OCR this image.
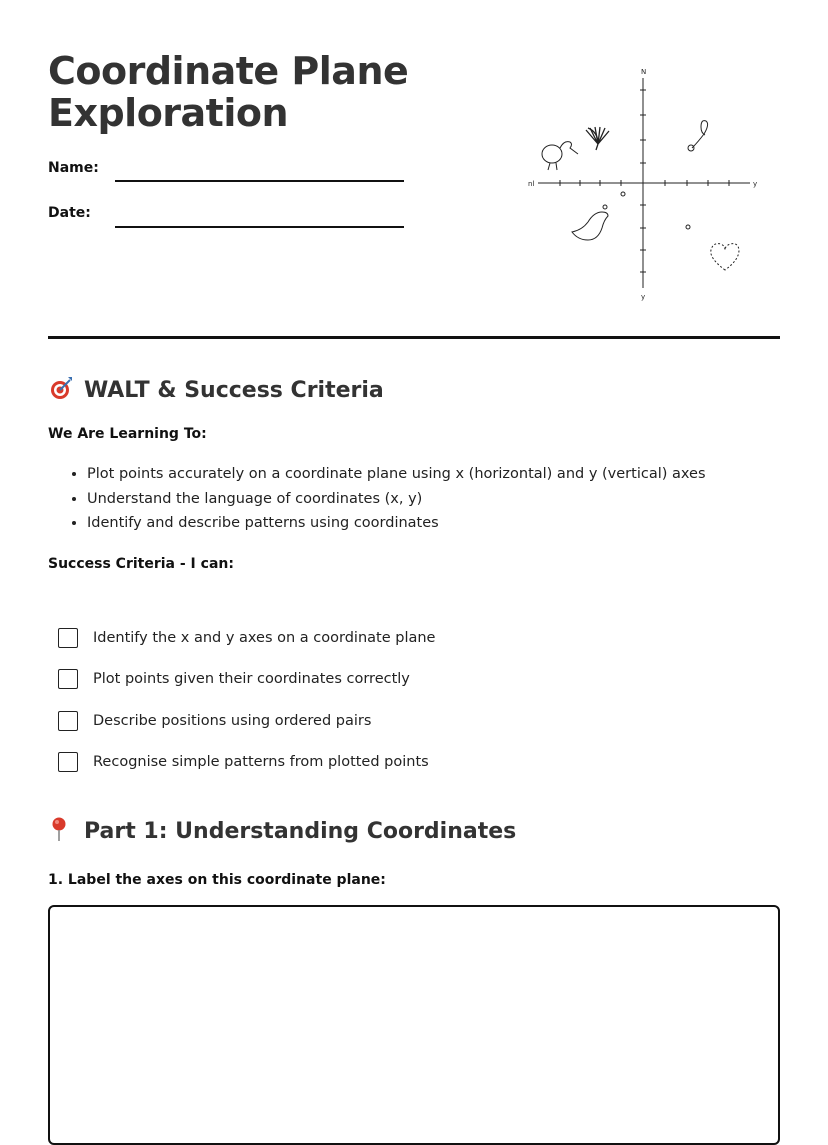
Coordinate Plane Exploration
Name:
Date:
N
nl	y
y
WALT & Success Criteria
We Are Learning To:
• Plot points accurately on a coordinate plane using x (horizontal) and y (vertical) axes
• Understand the language of coordinates (x, y)
• Identify and describe patterns using coordinates
Success Criteria - I can:
Identify the x and y axes on a coordinate plane
Plot points given their coordinates correctly
Describe positions using ordered pairs
Recognise simple patterns from plotted points
Part 1: Understanding Coordinates
1. Label the axes on this coordinate plane:
